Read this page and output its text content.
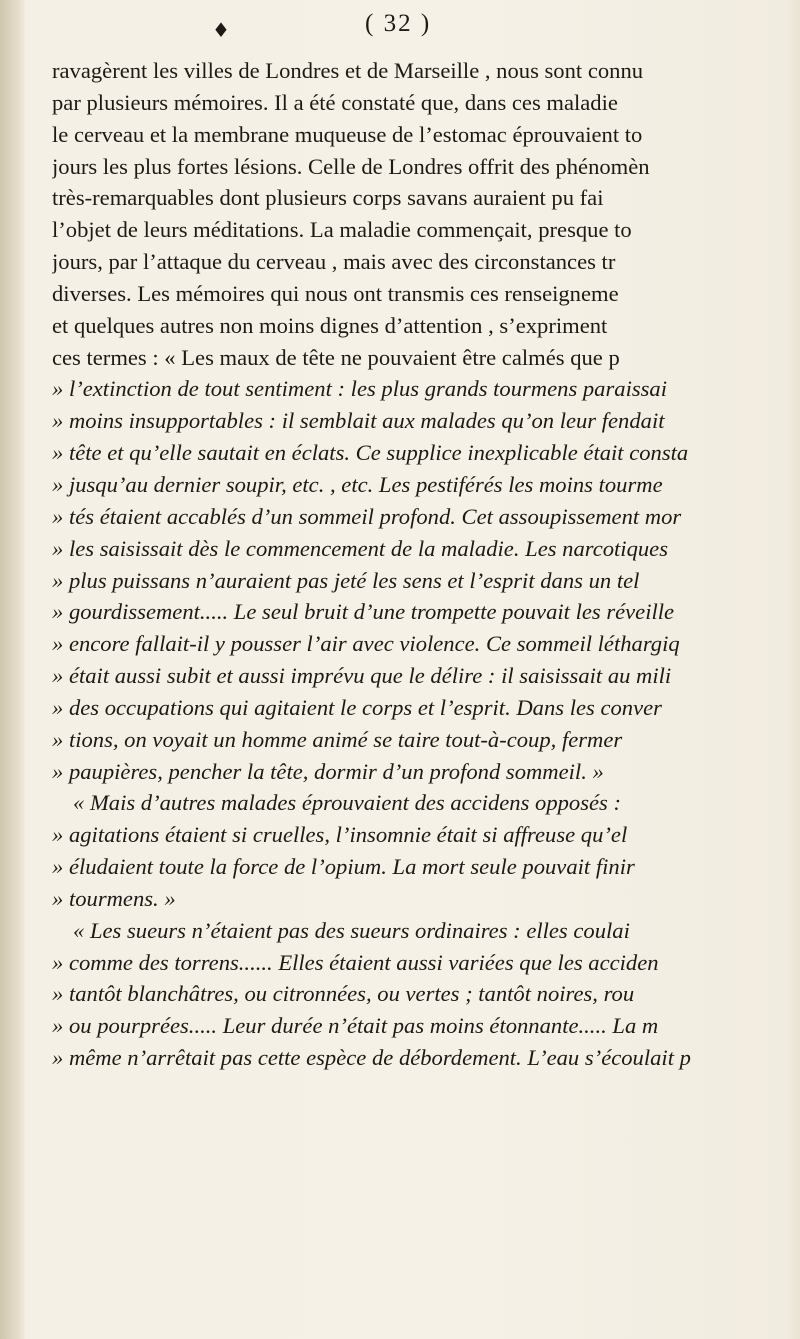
♦	( 32 )
ravagèrent les villes de Londres et de Marseille , nous sont connu
par plusieurs mémoires. Il a été constaté que, dans ces maladie
le cerveau et la membrane muqueuse de l’estomac éprouvaient to
jours les plus fortes lésions. Celle de Londres offrit des phénomèn
très-remarquables dont plusieurs corps savans auraient pu fai
l’objet de leurs méditations. La maladie commençait, presque to
jours, par l’attaque du cerveau , mais avec des circonstances tr
diverses. Les mémoires qui nous ont transmis ces renseigneme
et quelques autres non moins dignes d’attention , s’expriment
ces termes : « Les maux de tête ne pouvaient être calmés que p
» l’extinction de tout sentiment : les plus grands tourmens paraissai
» moins insupportables : il semblait aux malades qu’on leur fendait
» tête et qu’elle sautait en éclats. Ce supplice inexplicable était consta
» jusqu’au dernier soupir, etc. , etc. Les pestiférés les moins tourme
» tés étaient accablés d’un sommeil profond. Cet assoupissement mor
» les saisissait dès le commencement de la maladie. Les narcotiques
» plus puissans n’auraient pas jeté les sens et l’esprit dans un tel
» gourdissement..... Le seul bruit d’une trompette pouvait les réveille
» encore fallait-il y pousser l’air avec violence. Ce sommeil léthargiq
» était aussi subit et aussi imprévu que le délire : il saisissait au mili
» des occupations qui agitaient le corps et l’esprit. Dans les conver
» tions, on voyait un homme animé se taire tout-à-coup, fermer
» paupières, pencher la tête, dormir d’un profond sommeil. »
« Mais d’autres malades éprouvaient des accidens opposés :
» agitations étaient si cruelles, l’insomnie était si affreuse qu’el
» éludaient toute la force de l’opium. La mort seule pouvait finir
» tourmens. »
« Les sueurs n’étaient pas des sueurs ordinaires : elles coulai
» comme des torrens...... Elles étaient aussi variées que les acciden
» tantôt blanchâtres, ou citronnées, ou vertes ; tantôt noires, rou
» ou pourprées..... Leur durée n’était pas moins étonnante..... La m
» même n’arrêtait pas cette espèce de débordement. L’eau s’écoulait p
